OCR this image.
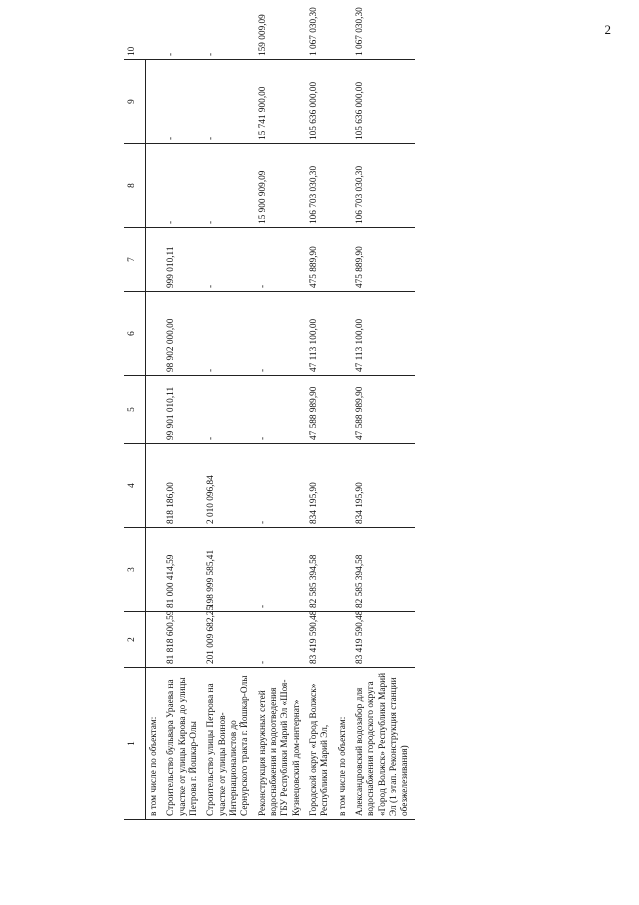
2
1	2	3	4	5	6	7	8	9	10
в том числе по объектам:									
Строительство бульвара Ураева на участке от улицы Кирова до улицы Петрова г. Йошкар-Олы	81 818 600,59	81 000 414,59	818 186,00	99 901 010,11	98 902 000,00	999 010,11	-	-	-
Строительство улицы Петрова на участке от улицы Воинов-Интернационалистов до Сернурского тракта г. Йошкар-Олы	201 009 682,25	198 999 585,41	2 010 096,84	-	-	-	-	-	-
Реконструкция наружных сетей водоснабжения и водоотведения ГБУ Республики Марий Эл «Шоя-Кузнецовский дом-интернат»	-	-	-	-	-	-	15 900 909,09	15 741 900,00	159 009,09
Городской округ «Город Волжск» Республики Марий Эл,	83 419 590,48	82 585 394,58	834 195,90	47 588 989,90	47 113 100,00	475 889,90	106 703 030,30	105 636 000,00	1 067 030,30
в том числе по объектам:									
Александровский водозабор для водоснабжения городского округа «Город Волжск» Республики Марий Эл (1 этап. Реконструкция станции обезжелезивания)	83 419 590,48	82 585 394,58	834 195,90	47 588 989,90	47 113 100,00	475 889,90	106 703 030,30	105 636 000,00	1 067 030,30
